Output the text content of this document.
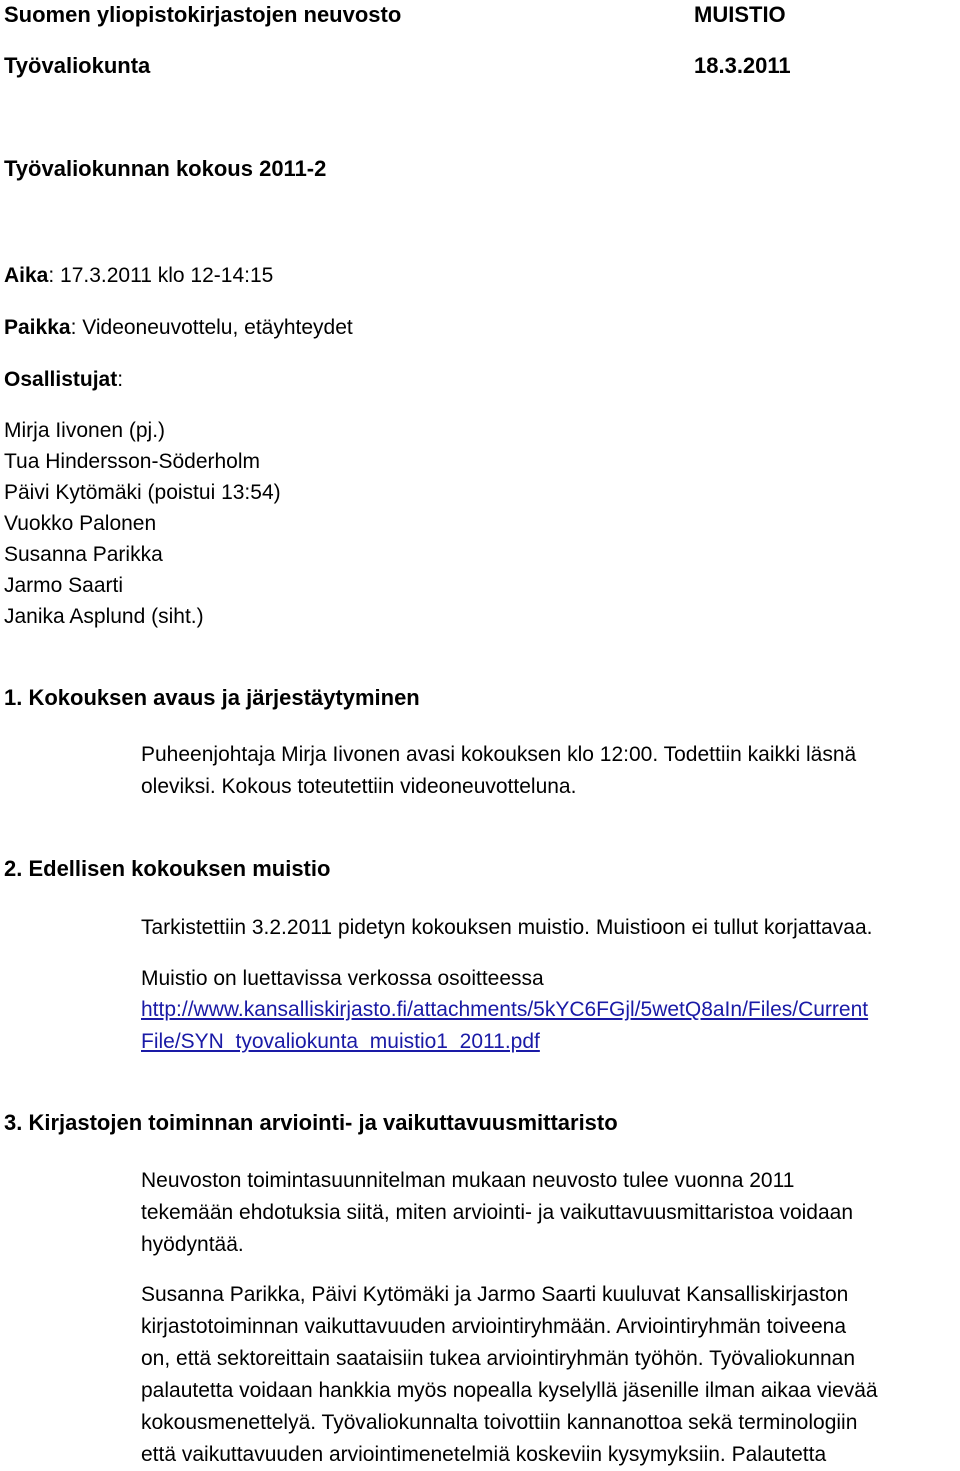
Suomen yliopistokirjastojen neuvosto	MUISTIO
Työvaliokunta	18.3.2011
Työvaliokunnan kokous 2011-2
Aika: 17.3.2011 klo 12-14:15
Paikka: Videoneuvottelu, etäyhteydet
Osallistujat:
Mirja Iivonen (pj.)
Tua Hindersson-Söderholm
Päivi Kytömäki (poistui 13:54)
Vuokko Palonen
Susanna Parikka
Jarmo Saarti
Janika Asplund (siht.)
1. Kokouksen avaus ja järjestäytyminen
Puheenjohtaja Mirja Iivonen avasi kokouksen klo 12:00. Todettiin kaikki läsnä
oleviksi. Kokous toteutettiin videoneuvotteluna.
2. Edellisen kokouksen muistio
Tarkistettiin 3.2.2011 pidetyn kokouksen muistio. Muistioon ei tullut korjattavaa.
Muistio on luettavissa verkossa osoitteessa
http://www.kansalliskirjasto.fi/attachments/5kYC6FGjl/5wetQ8aIn/Files/Current
File/SYN_tyovaliokunta_muistio1_2011.pdf
3. Kirjastojen toiminnan arviointi- ja vaikuttavuusmittaristo
Neuvoston toimintasuunnitelman mukaan neuvosto tulee vuonna 2011
tekemään ehdotuksia siitä, miten arviointi- ja vaikuttavuusmittaristoa voidaan
hyödyntää.
Susanna Parikka, Päivi Kytömäki ja Jarmo Saarti kuuluvat Kansalliskirjaston
kirjastotoiminnan vaikuttavuuden arviointiryhmään. Arviointiryhmän toiveena
on, että sektoreittain saataisiin tukea arviointiryhmän työhön. Työvaliokunnan
palautetta voidaan hankkia myös nopealla kyselyllä jäsenille ilman aikaa vievää
kokousmenettelyä. Työvaliokunnalta toivottiin kannanottoa sekä terminologiin
että vaikuttavuuden arviointimenetelmiä koskeviin kysymyksiin. Palautetta
